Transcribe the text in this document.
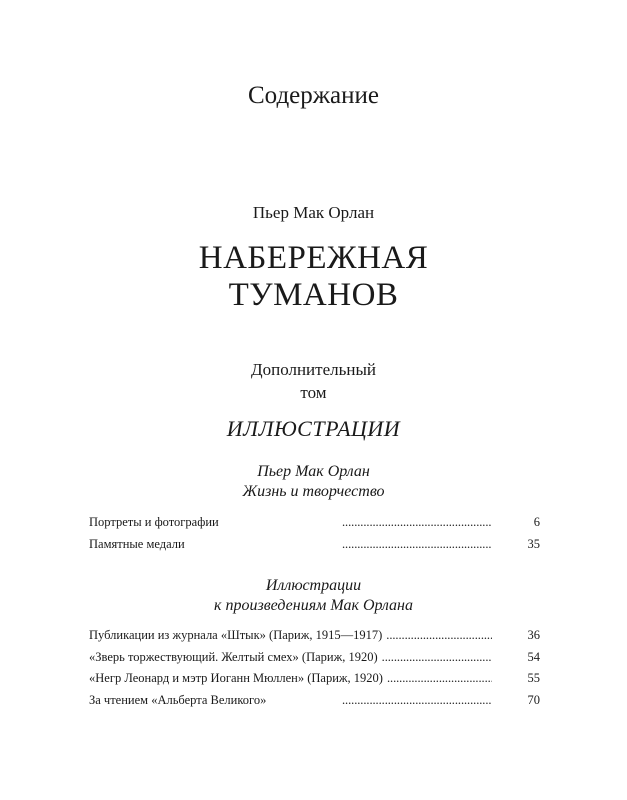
Содержание
Пьер Мак Орлан
НАБЕРЕЖНАЯ
ТУМАНОВ
Дополнительный
том
ИЛЛЮСТРАЦИИ
Пьер Мак Орлан
Жизнь и творчество
Портреты и фотографии . . .	6
Памятные медали . . .	35
Иллюстрации
к произведениям Мак Орлана
Публикации из журнала «Штык» (Париж, 1915—1917) . . .	36
«Зверь торжествующий. Желтый смех» (Париж, 1920) . . .	54
«Негр Леонард и мэтр Иоганн Мюллен» (Париж, 1920) . . .	55
За чтением «Альберта Великого» . . .	70
